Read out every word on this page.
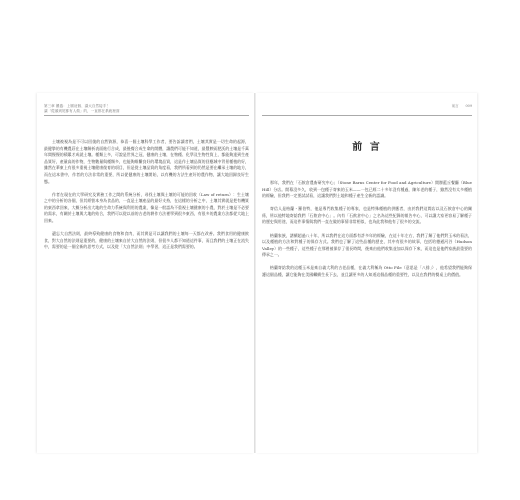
第三章 餵養：上層這個、讓大自然接手！
讓「從頭到尾都有人做」的，一直都在系統裡面
前言 009

土壤被視為是不可以回復的自然資源，恭喜一個土壤科學工作者，要告訴讀者們，土壤其實是一切生命的起源，最健摯的有機農莊在土壤解析表面進行合成，最後餐合成生命的開體，讓農們可能不知道，最豐腴而肥沃的土壤是千萬年間慢慢的積累才成就土壤。種類上多，可說是世界之冠，健康的土壤，在物種、化學及生物性質上，都能夠達到生產品質好，產量高的作物，生物數量與種類多，也能夠維繫良好的環境品質，這是作土壤品質的回應城中背景種植的好，雖然在華東上有很多重視土壤健康復育的項目，但是從土壤品質的角度看，我們所看到的仍然是要在繼承土壤的地方，而在這本書中，作者的方法非常的重要，所以從健康的土壤開始，以有機的方法生產好的農作物，讓大地回歸良好生態。

作者在現在的大學研究及實務工作之間的系統分析，尋找土壤與土壤的可能的回收（Law of return）：生土壤之中的分析的各個，但其經營本身為食品的，一直是土壤產品的最好支持，在這樣的分析之中，土壤其實就是把有機質的東西拿回來，大概分析出大地的生命力系統與利用的農業，像是一般認為不重視土壤健康的小農，對於土壤是不必要的需求，有關於土壤與大地的結合，我們可以從以前的古老的耕作方法裡學到很多東西，有很多的農業方法都從大地上回來。

遺忘大自然法則，最終導致健康的食物和食肉，而其實是可以讓我們的土壤每一天都在改善。我們食用的健康飲食，對大自然的法則是重要的，健康的土壤來自於大自然的法則，但很多人都不知道這件事，而且我們的土壤正在流失中，需要的是一個全新的思考方式，以及從「大自然法則」中學習，這正是我們需要的。

前 言

那年，我們在「石飲倉農畜研究中心」（Stone Barns Center for Food and Agriculture）開辦藍丘餐廳（Blue Hill）分店。開幕沒多久，收到一包種子寄來的玉米——一包已經二十多年沒有種過，陳年老的種子，雖然沒有太多種植的經驗，但我們一定要試試看，這讓我們對土地和種子產生全新的認識。

寄信人是格蘭・羅伯特，他是專門收集種子的專家，也是特殊種植的供應者，由於我們這間店以及石飲倉中心的關係，所以他特地寄給我們「石飲倉中心」。內有「石飲倉中心」之名為這些紀錄的報告中心，可以讓大家更容易了解種子的歷史與用途，而這件事情與我們一直在做的事情非常相似，也為此我和他有了很多的交流。

格蘭家族，譜續超過八十年，所以我們在這方面都有許多年的經驗，在這十年左右，我們了解了他們對玉米的看法，以及種植的方法和對種子的保存方式。我們也了解了這些品種的歷史，其中有很多的故事，包括哈德遜河谷（Hudson Valley）的一些種子，這些種子在那裡被保存了很長時間，後來由他們收集並加以保存下來，而這也是他們家族最重要的傳承之一。

格蘭寄給我的這種玉米是來自義大利的古老品種，在義大利稱為 Otto File（意思是「八排」），他希望我們能夠保護這個品種，讓它能夠在美國繼續生長下去，並且讓更多的人知道這個品種的重要性，以及在我們的餐桌上的價值。
